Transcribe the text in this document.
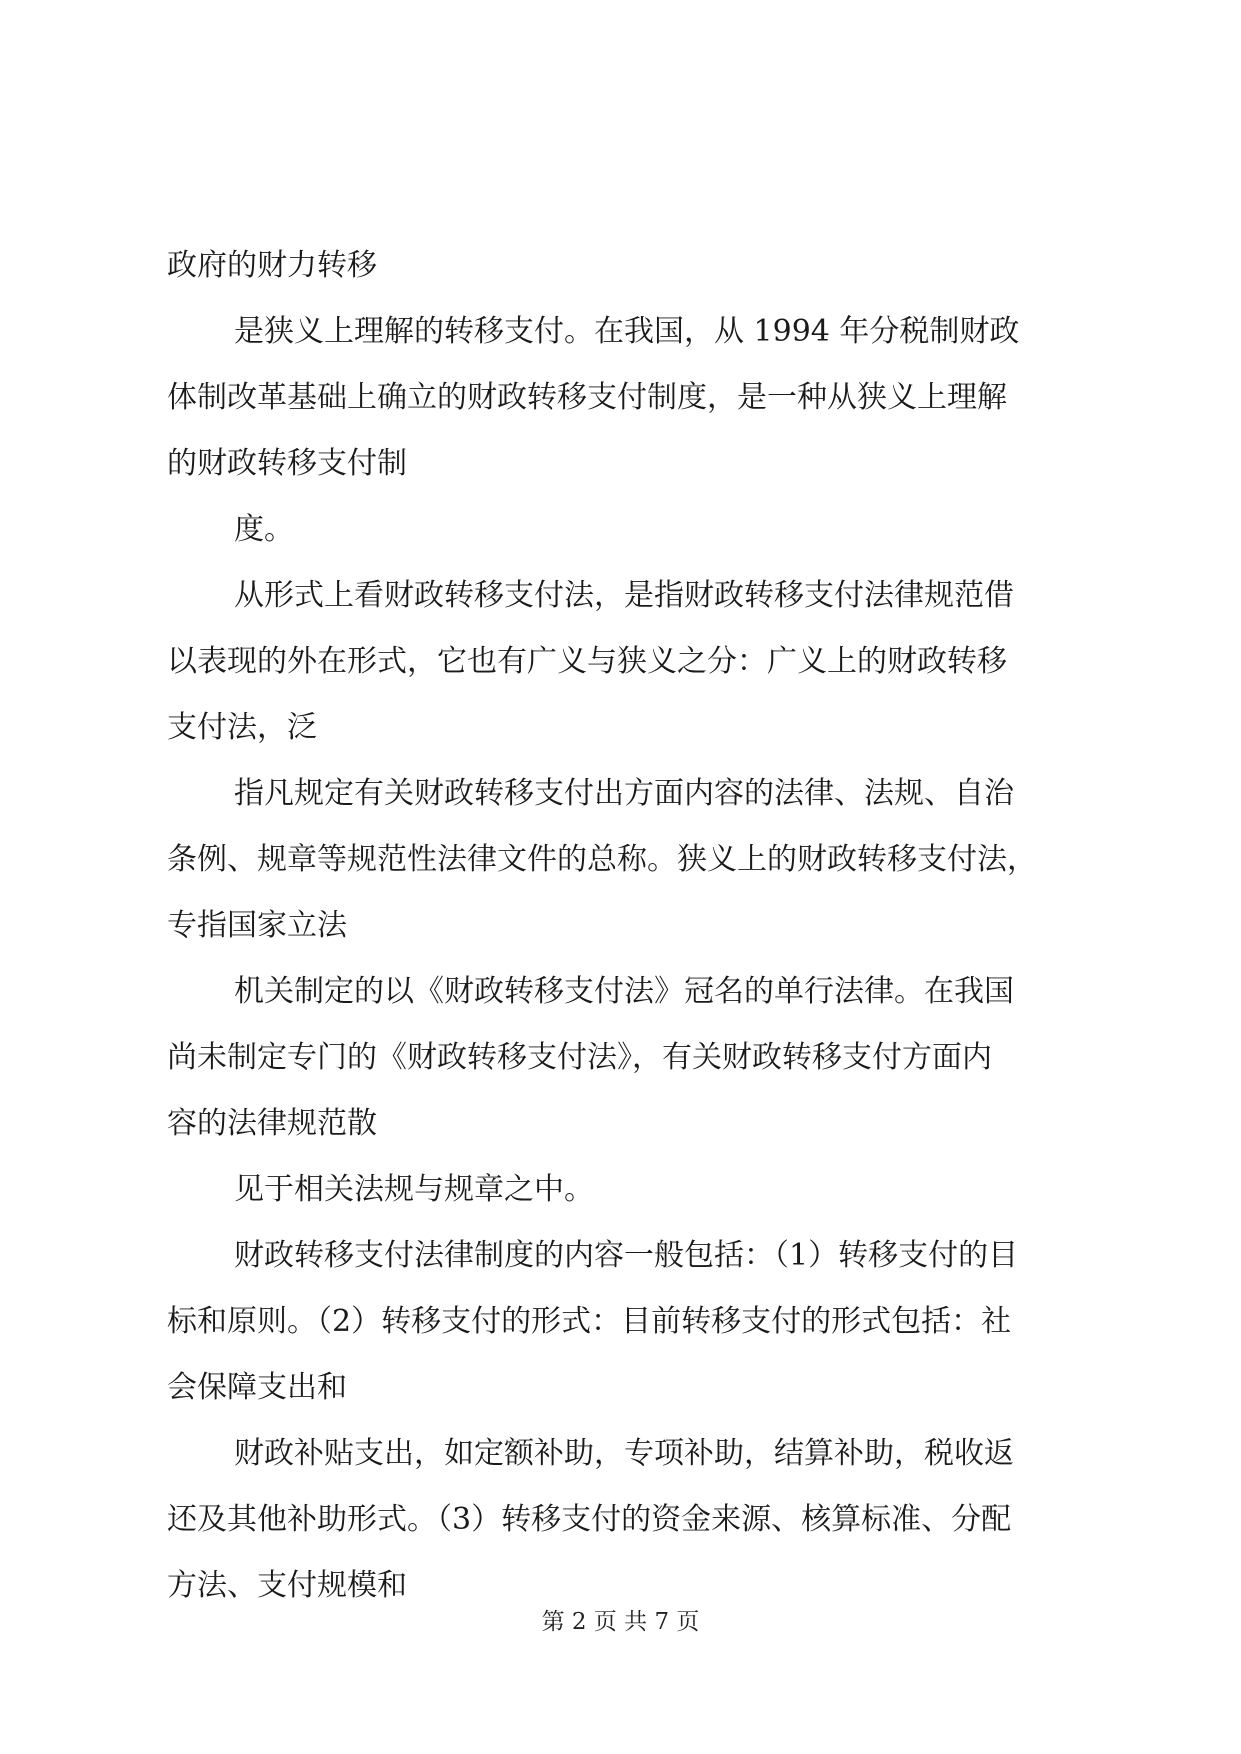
政府的财力转移

是狭义上理解的转移支付。在我国，从 1994 年分税制财政

体制改革基础上确立的财政转移支付制度，是一种从狭义上理解

的财政转移支付制

度。

从形式上看财政转移支付法，是指财政转移支付法律规范借

以表现的外在形式，它也有广义与狭义之分：广义上的财政转移

支付法，泛

指凡规定有关财政转移支付出方面内容的法律、法规、自治

条例、规章等规范性法律文件的总称。狭义上的财政转移支付法，

专指国家立法

机关制定的以《财政转移支付法》冠名的单行法律。在我国

尚未制定专门的《财政转移支付法》，有关财政转移支付方面内

容的法律规范散

见于相关法规与规章之中。

财政转移支付法律制度的内容一般包括：（1）转移支付的目

标和原则。（2）转移支付的形式：目前转移支付的形式包括：社

会保障支出和

财政补贴支出，如定额补助，专项补助，结算补助，税收返

还及其他补助形式。（3）转移支付的资金来源、核算标准、分配

方法、支付规模和

第 2 页 共 7 页
